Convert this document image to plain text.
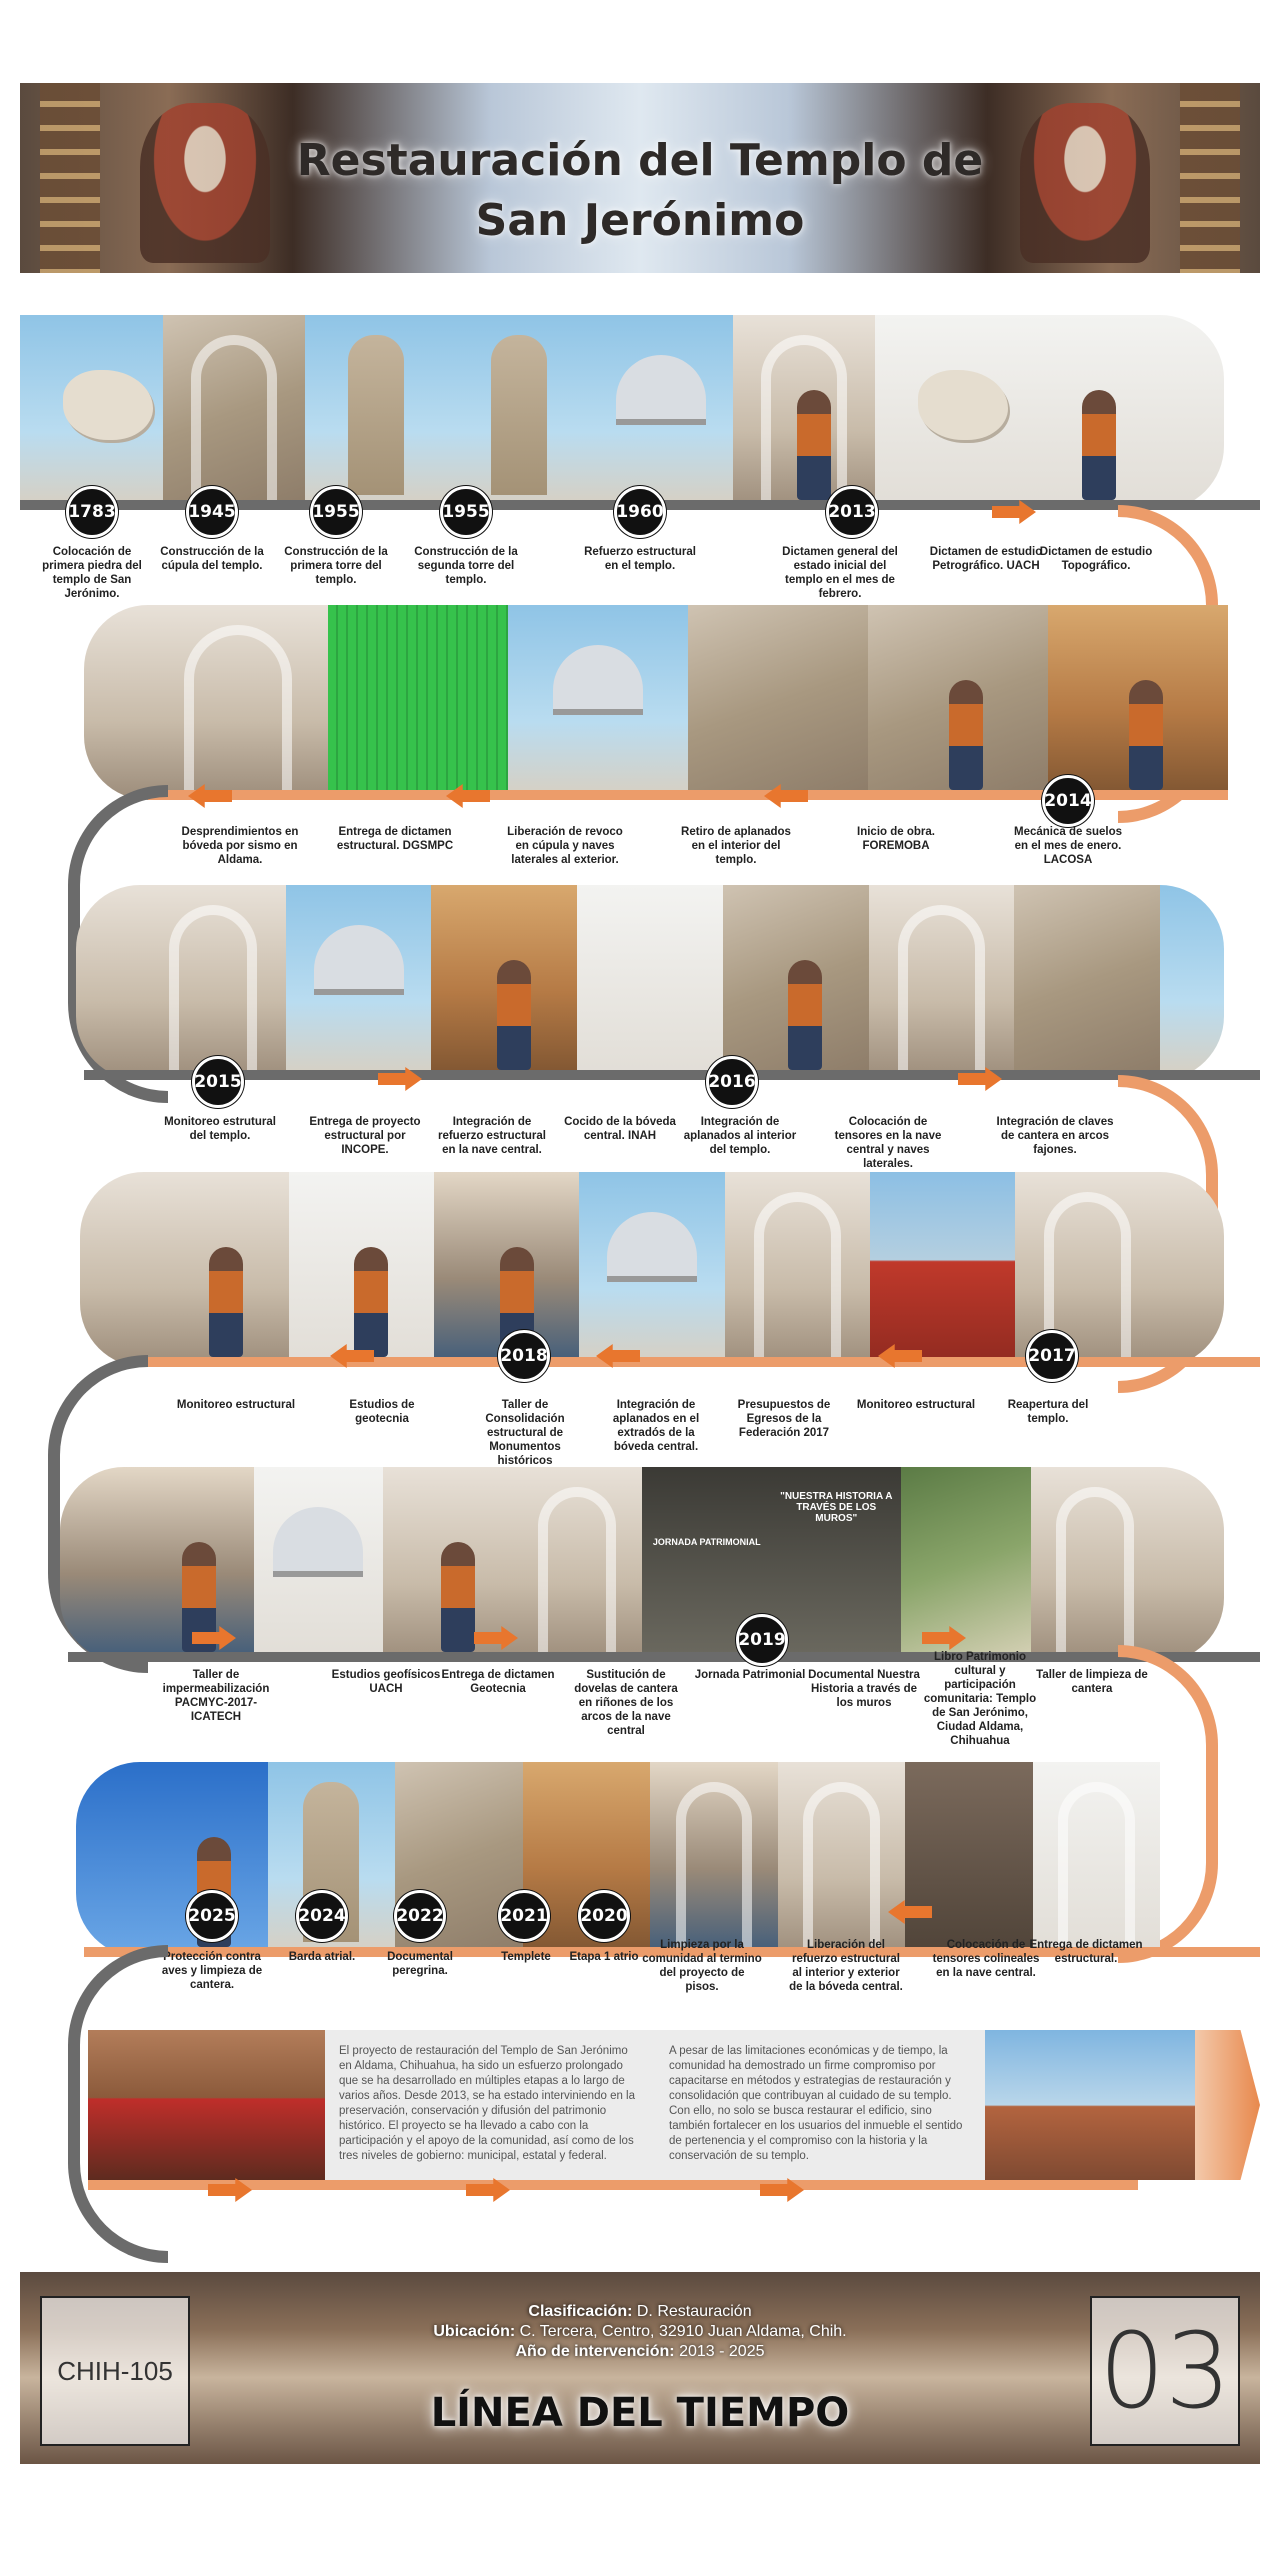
Restauración del Templo de
San Jerónimo
1783	1945	1955	1955	1960	2013
Colocación de primera piedra del templo de San Jerónimo.
Construcción de la cúpula del templo.
Construcción de la primera torre del templo.
Construcción de la segunda torre del templo.
Refuerzo estructural en el templo.
Dictamen general del estado inicial del templo en el mes de febrero.
Dictamen de estudio Petrográfico. UACH
Dictamen de estudio Topográfico.
2014
Desprendimientos en bóveda por sismo en Aldama.
Entrega de dictamen estructural. DGSMPC
Liberación de revoco en cúpula y naves laterales al exterior.
Retiro de aplanados en el interior del templo.
Inicio de obra. FOREMOBA
Mecánica de suelos en el mes de enero. LACOSA
2015	2016
Monitoreo estrutural del templo.
Entrega de proyecto estructural por INCOPE.
Integración de refuerzo estructural en la nave central.
Cocido de la bóveda central. INAH
Integración de aplanados al interior del templo.
Colocación de tensores en la nave central y naves laterales.
Integración de claves de cantera en arcos fajones.
2018	2017
Monitoreo estructural	Estudios de geotecnia
Taller de Consolidación estructural de Monumentos históricos
Integración de aplanados en el extradós de la bóveda central.
Presupuestos de Egresos de la Federación 2017
Monitoreo estructural	Reapertura del templo.
JORNADA PATRIMONIAL
"NUESTRA HISTORIA A TRAVÉS DE LOS MUROS"
2019
Taller de impermeabilización PACMYC-2017-ICATECH
Estudios geofísicos UACH
Entrega de dictamen Geotecnia
Sustitución de dovelas de cantera en riñones de los arcos de la nave central
Jornada Patrimonial Documental Nuestra Historia a través de los muros
Libro Patrimonio cultural y participación comunitaria: Templo de San Jerónimo, Ciudad Aldama, Chihuahua
Taller de limpieza de cantera
2025	2024	2022	2021 2020
Protección contra aves y limpieza de cantera.
Barda atrial.	Documental peregrina.
Templete	Etapa 1 atrio
Limpieza por la comunidad al termino del proyecto de pisos.
Liberación del refuerzo estructural al interior y exterior de la bóveda central.
Colocación de tensores colineales en la nave central.
Entrega de dictamen estructural.
El proyecto de restauración del Templo de San Jerónimo en Aldama, Chihuahua, ha sido un esfuerzo prolongado que se ha desarrollado en múltiples etapas a lo largo de varios años. Desde 2013, se ha estado interviniendo en la preservación, conservación y difusión del patrimonio histórico. El proyecto se ha llevado a cabo con la participación y el apoyo de la comunidad, así como de los tres niveles de gobierno: municipal, estatal y federal.
A pesar de las limitaciones económicas y de tiempo, la comunidad ha demostrado un firme compromiso por capacitarse en métodos y estrategias de restauración y consolidación que contribuyan al cuidado de su templo. Con ello, no solo se busca restaurar el edificio, sino también fortalecer en los usuarios del inmueble el sentido de pertenencia y el compromiso con la historia y la conservación de su templo.
CHIH-105
Clasificación: D. Restauración
Ubicación: C. Tercera, Centro, 32910 Juan Aldama, Chih.
Año de intervención: 2013 - 2025
LÍNEA DEL TIEMPO	03
